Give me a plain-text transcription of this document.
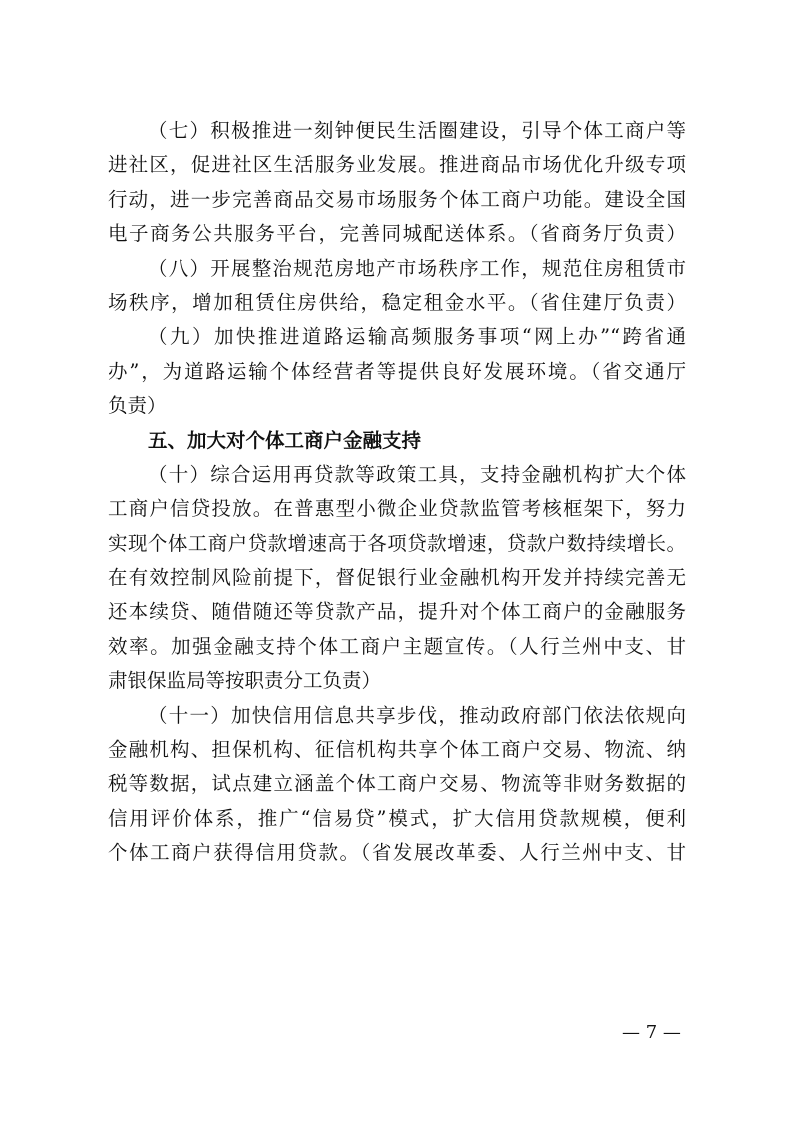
（七）积极推进一刻钟便民生活圈建设，引导个体工商户等
进社区，促进社区生活服务业发展。推进商品市场优化升级专项
行动，进一步完善商品交易市场服务个体工商户功能。建设全国
电子商务公共服务平台，完善同城配送体系。（省商务厅负责）
（八）开展整治规范房地产市场秩序工作，规范住房租赁市
场秩序，增加租赁住房供给，稳定租金水平。（省住建厅负责）
（九）加快推进道路运输高频服务事项“网上办”“跨省通
办”，为道路运输个体经营者等提供良好发展环境。（省交通厅
负责）
五、加大对个体工商户金融支持
（十）综合运用再贷款等政策工具，支持金融机构扩大个体
工商户信贷投放。在普惠型小微企业贷款监管考核框架下，努力
实现个体工商户贷款增速高于各项贷款增速，贷款户数持续增长。
在有效控制风险前提下，督促银行业金融机构开发并持续完善无
还本续贷、随借随还等贷款产品，提升对个体工商户的金融服务
效率。加强金融支持个体工商户主题宣传。（人行兰州中支、甘
肃银保监局等按职责分工负责）
（十一）加快信用信息共享步伐，推动政府部门依法依规向
金融机构、担保机构、征信机构共享个体工商户交易、物流、纳
税等数据，试点建立涵盖个体工商户交易、物流等非财务数据的
信用评价体系，推广“信易贷”模式，扩大信用贷款规模，便利
个体工商户获得信用贷款。（省发展改革委、人行兰州中支、甘
— 7 —
